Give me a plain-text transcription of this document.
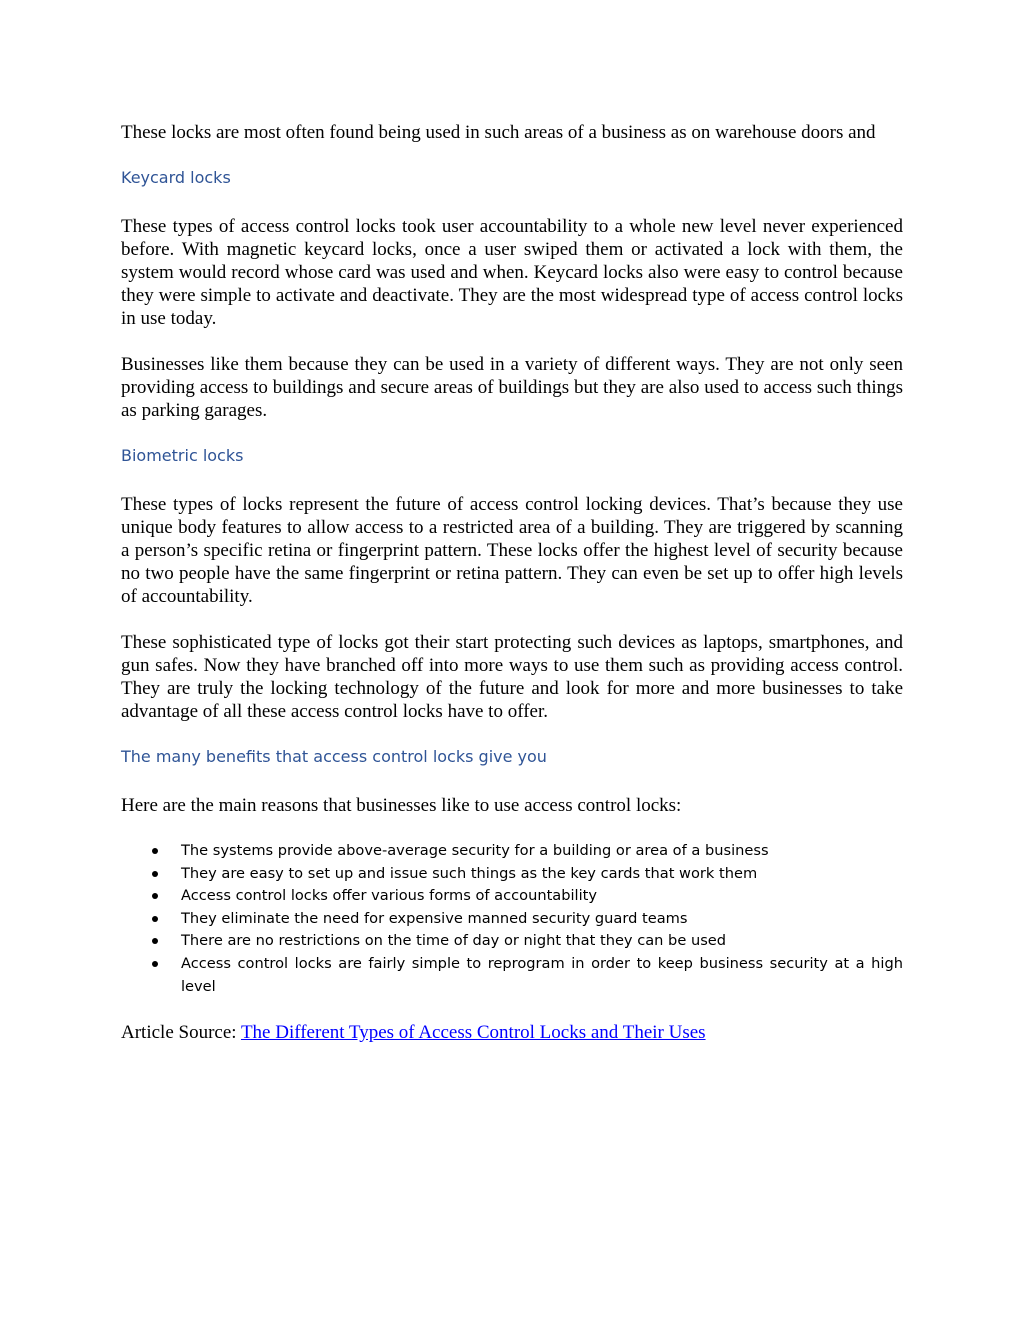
These locks are most often found being used in such areas of a business as on warehouse doors and

Keycard locks

These types of access control locks took user accountability to a whole new level never experienced before. With magnetic keycard locks, once a user swiped them or activated a lock with them, the system would record whose card was used and when. Keycard locks also were easy to control because they were simple to activate and deactivate. They are the most widespread type of access control locks in use today.

Businesses like them because they can be used in a variety of different ways. They are not only seen providing access to buildings and secure areas of buildings but they are also used to access such things as parking garages.

Biometric locks

These types of locks represent the future of access control locking devices. That’s because they use unique body features to allow access to a restricted area of a building. They are triggered by scanning a person’s specific retina or fingerprint pattern. These locks offer the highest level of security because no two people have the same fingerprint or retina pattern. They can even be set up to offer high levels of accountability.

These sophisticated type of locks got their start protecting such devices as laptops, smartphones, and gun safes. Now they have branched off into more ways to use them such as providing access control. They are truly the locking technology of the future and look for more and more businesses to take advantage of all these access control locks have to offer.

The many benefits that access control locks give you

Here are the main reasons that businesses like to use access control locks:

The systems provide above-average security for a building or area of a business
They are easy to set up and issue such things as the key cards that work them
Access control locks offer various forms of accountability
They eliminate the need for expensive manned security guard teams
There are no restrictions on the time of day or night that they can be used
Access control locks are fairly simple to reprogram in order to keep business security at a high level

Article Source: The Different Types of Access Control Locks and Their Uses
